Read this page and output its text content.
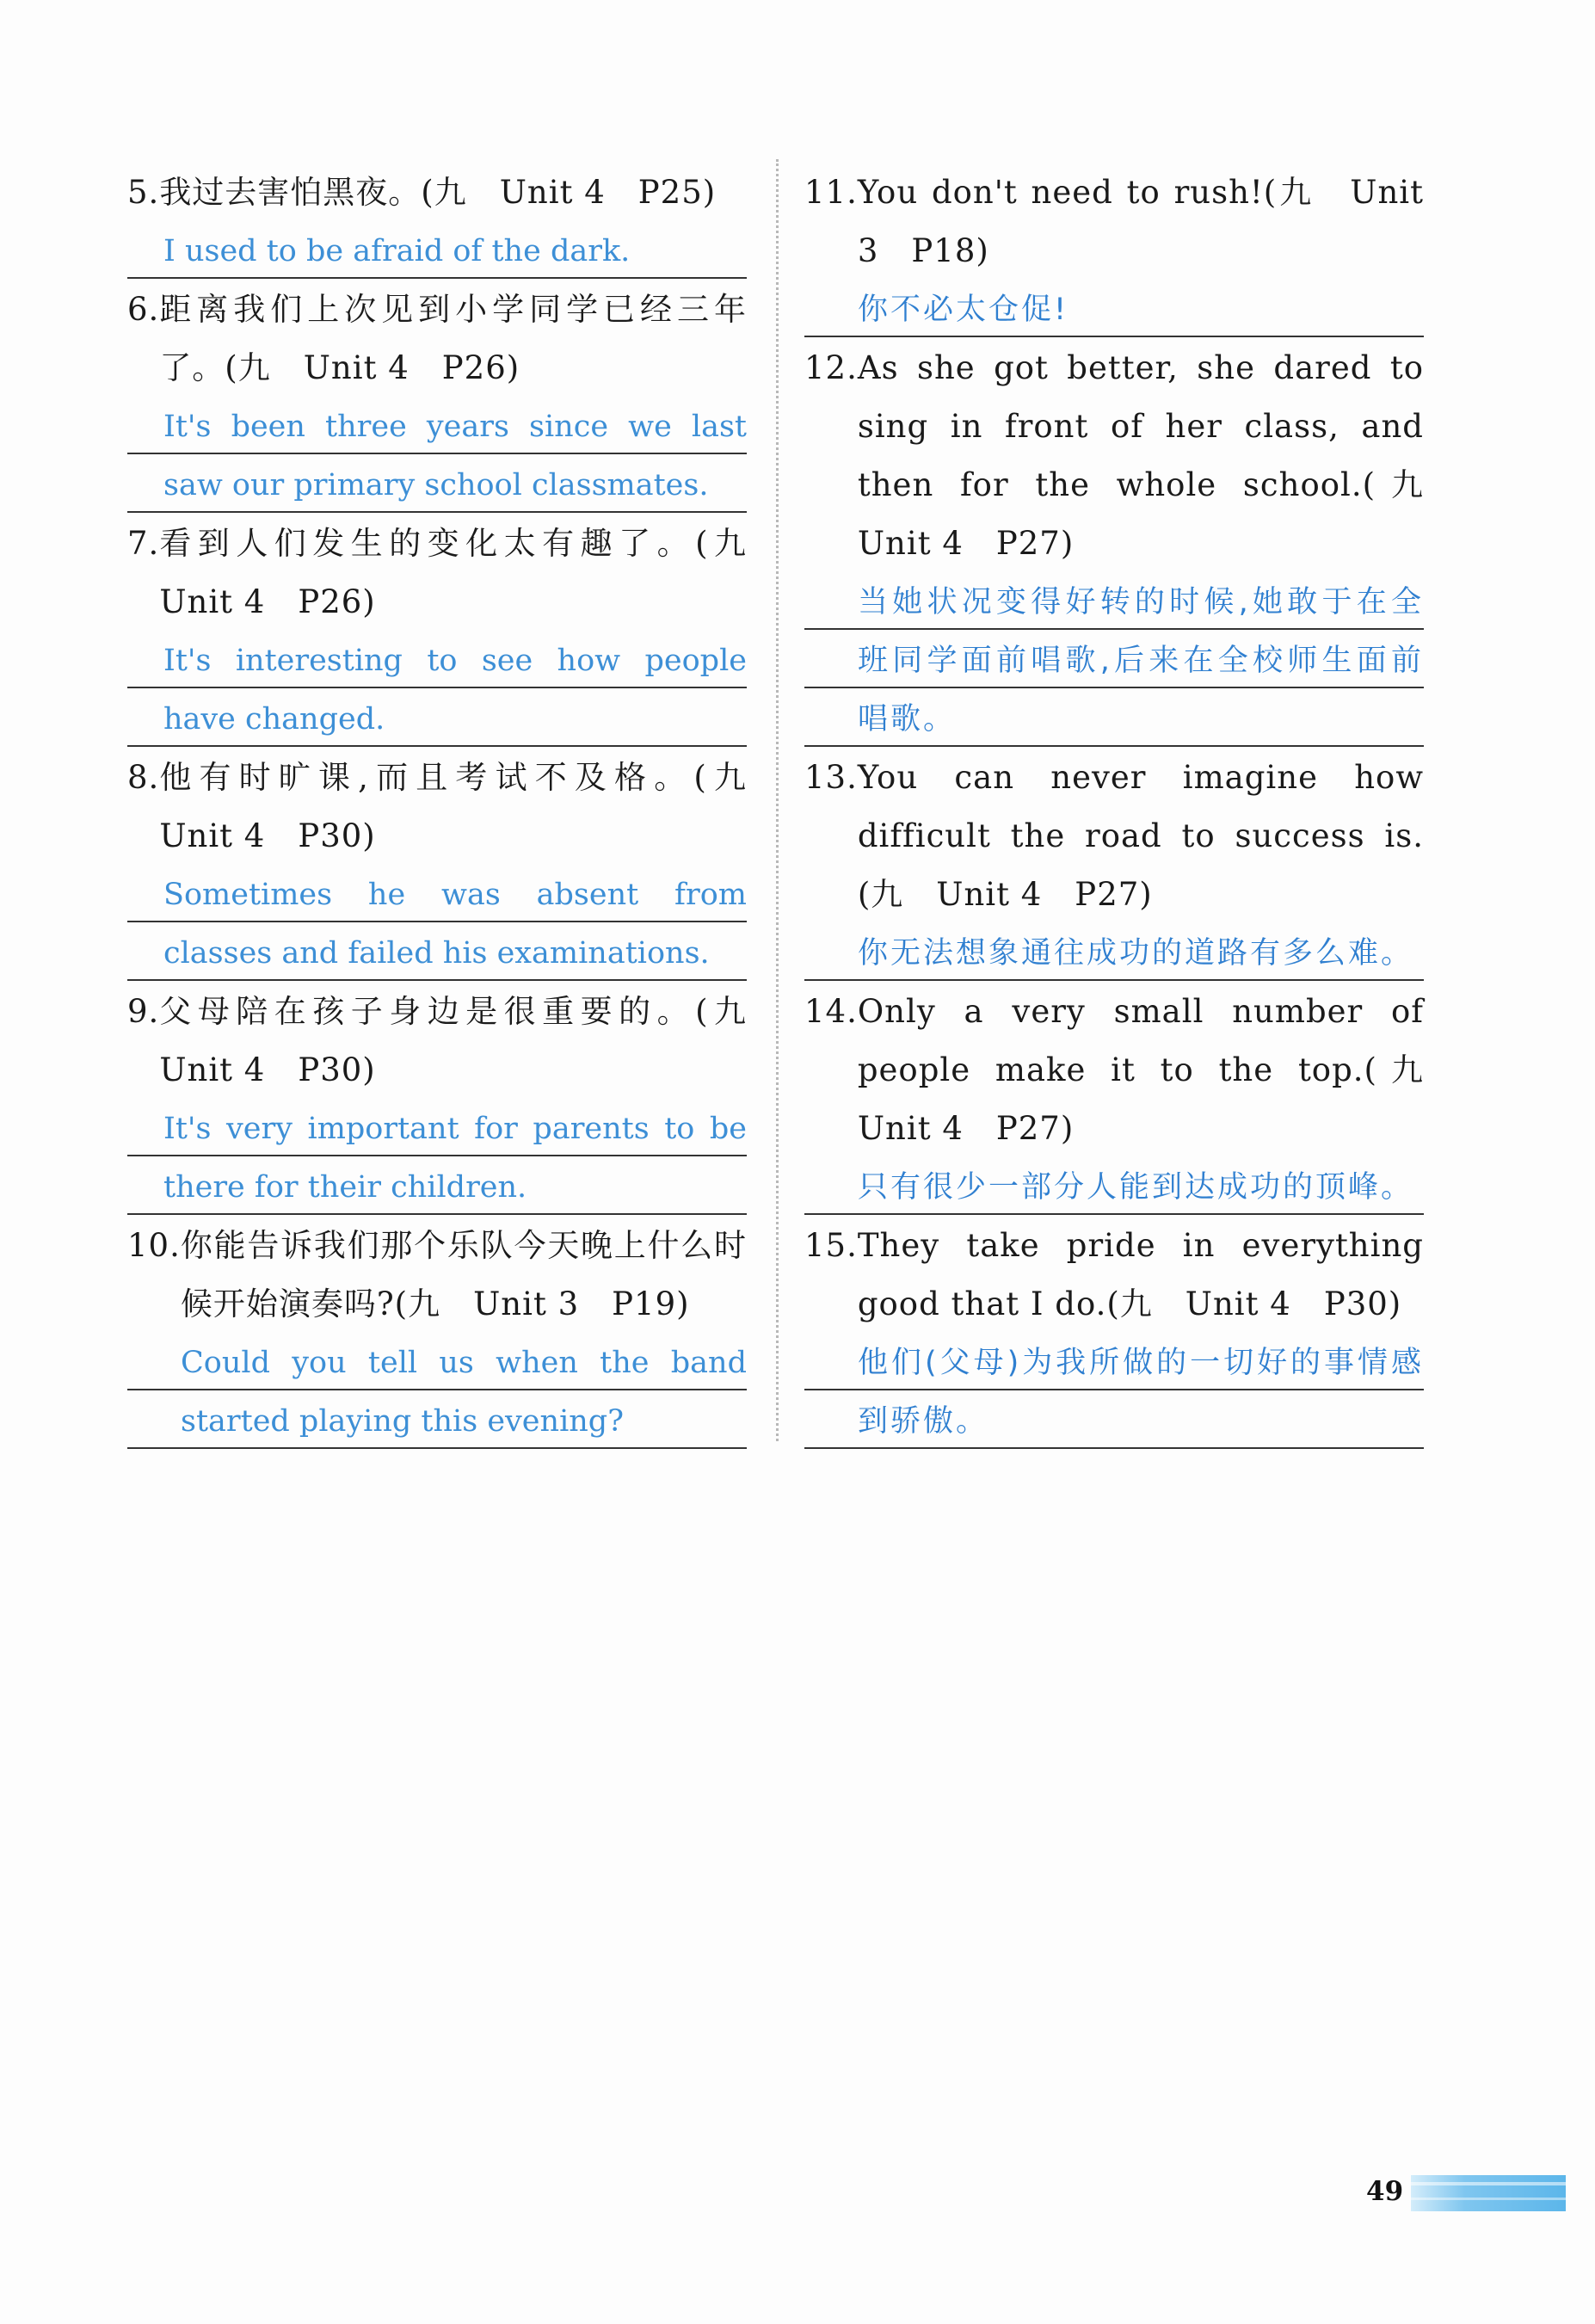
5. 我过去害怕黑夜。(九　Unit 4　P25)

I used to be afraid of the dark.

6. 距离我们上次见到小学同学已经三年了。(九　Unit 4　P26)

It's been three years since we last saw our primary school classmates.

7. 看到人们发生的变化太有趣了。(九　Unit 4　P26)

It's interesting to see how people have changed.

8. 他有时旷课,而且考试不及格。(九　Unit 4　P30)

Sometimes he was absent from classes and failed his examinations.

9. 父母陪在孩子身边是很重要的。(九　Unit 4　P30)

It's very important for parents to be there for their children.

10. 你能告诉我们那个乐队今天晚上什么时候开始演奏吗?(九　Unit 3　P19)

Could you tell us when the band started playing this evening?

11. You don't need to rush!(九　Unit 3　P18)

你不必太仓促!

12. As she got better, she dared to sing in front of her class, and then for the whole school.(九　Unit 4　P27)

当她状况变得好转的时候,她敢于在全班同学面前唱歌,后来在全校师生面前唱歌。

13. You can never imagine how difficult the road to success is.(九　Unit 4　P27)

你无法想象通往成功的道路有多么难。

14. Only a very small number of people make it to the top.(九　Unit 4　P27)

只有很少一部分人能到达成功的顶峰。

15. They take pride in everything good that I do.(九　Unit 4　P30)

他们(父母)为我所做的一切好的事情感到骄傲。

49
